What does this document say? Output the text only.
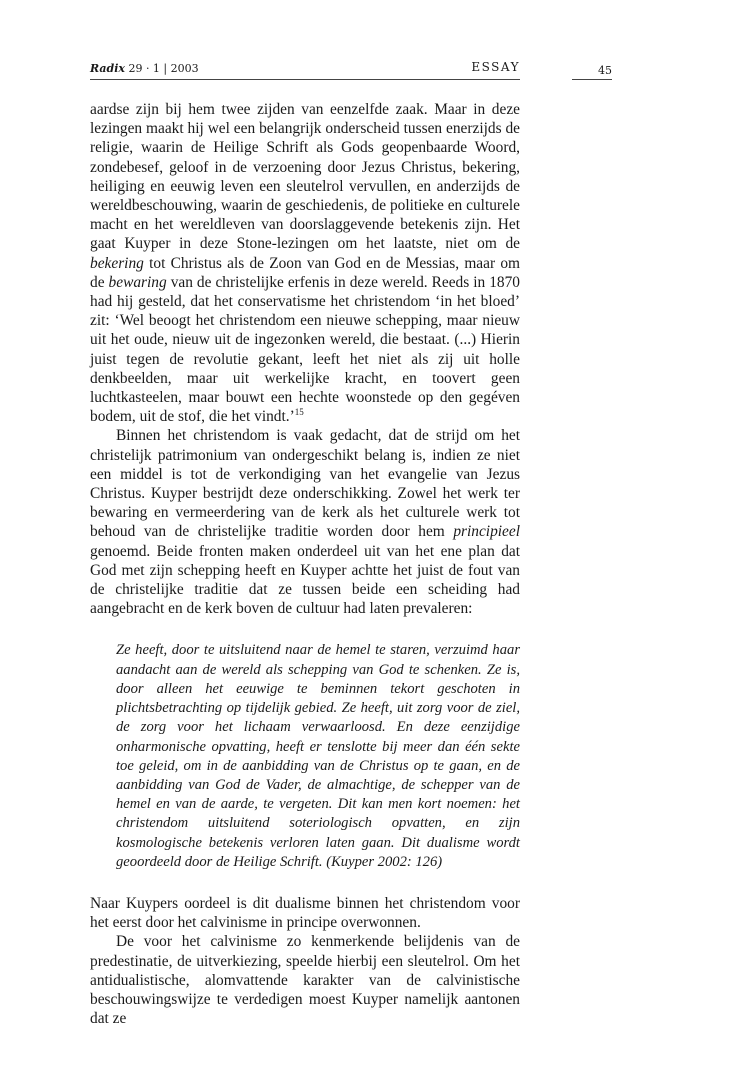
Radix 29 · 1 | 2003	ESSAY	45

aardse zijn bij hem twee zijden van eenzelfde zaak. Maar in deze lezingen maakt hij wel een belangrijk onderscheid tussen enerzijds de religie, waarin de Heilige Schrift als Gods geopenbaarde Woord, zondebesef, geloof in de verzoening door Jezus Christus, bekering, heiliging en eeuwig leven een sleutelrol vervullen, en anderzijds de wereldbeschouwing, waarin de geschiedenis, de politieke en culturele macht en het wereldleven van doorslaggevende betekenis zijn. Het gaat Kuyper in deze Stone-lezingen om het laatste, niet om de bekering tot Christus als de Zoon van God en de Messias, maar om de bewaring van de christelijke erfenis in deze wereld. Reeds in 1870 had hij gesteld, dat het conservatisme het christendom ‘in het bloed’ zit: ‘Wel beoogt het christendom een nieuwe schepping, maar nieuw uit het oude, nieuw uit de ingezonken wereld, die bestaat. (...) Hierin juist tegen de revolutie gekant, leeft het niet als zij uit holle denkbeelden, maar uit werkelijke kracht, en toovert geen luchtkasteelen, maar bouwt een hechte woonstede op den gegéven bodem, uit de stof, die het vindt.’$^{15}$

Binnen het christendom is vaak gedacht, dat de strijd om het christelijk patrimonium van ondergeschikt belang is, indien ze niet een middel is tot de verkondiging van het evangelie van Jezus Christus. Kuyper bestrijdt deze onderschikking. Zowel het werk ter bewaring en vermeerdering van de kerk als het culturele werk tot behoud van de christelijke traditie worden door hem principieel genoemd. Beide fronten maken onderdeel uit van het ene plan dat God met zijn schepping heeft en Kuyper achtte het juist de fout van de christelijke traditie dat ze tussen beide een scheiding had aangebracht en de kerk boven de cultuur had laten prevaleren:

Ze heeft, door te uitsluitend naar de hemel te staren, verzuimd haar aandacht aan de wereld als schepping van God te schenken. Ze is, door alleen het eeuwige te beminnen tekort geschoten in plichtsbetrachting op tijdelijk gebied. Ze heeft, uit zorg voor de ziel, de zorg voor het lichaam verwaarloosd. En deze eenzijdige onharmonische opvatting, heeft er tenslotte bij meer dan één sekte toe geleid, om in de aanbidding van de Christus op te gaan, en de aanbidding van God de Vader, de almachtige, de schepper van de hemel en van de aarde, te vergeten. Dit kan men kort noemen: het christendom uitsluitend soteriologisch opvatten, en zijn kosmologische betekenis verloren laten gaan. Dit dualisme wordt geoordeeld door de Heilige Schrift. (Kuyper 2002: 126)

Naar Kuypers oordeel is dit dualisme binnen het christendom voor het eerst door het calvinisme in principe overwonnen.

De voor het calvinisme zo kenmerkende belijdenis van de predestinatie, de uitverkiezing, speelde hierbij een sleutelrol. Om het antidualistische, alomvattende karakter van de calvinistische beschouwingswijze te verdedigen moest Kuyper namelijk aantonen dat ze
